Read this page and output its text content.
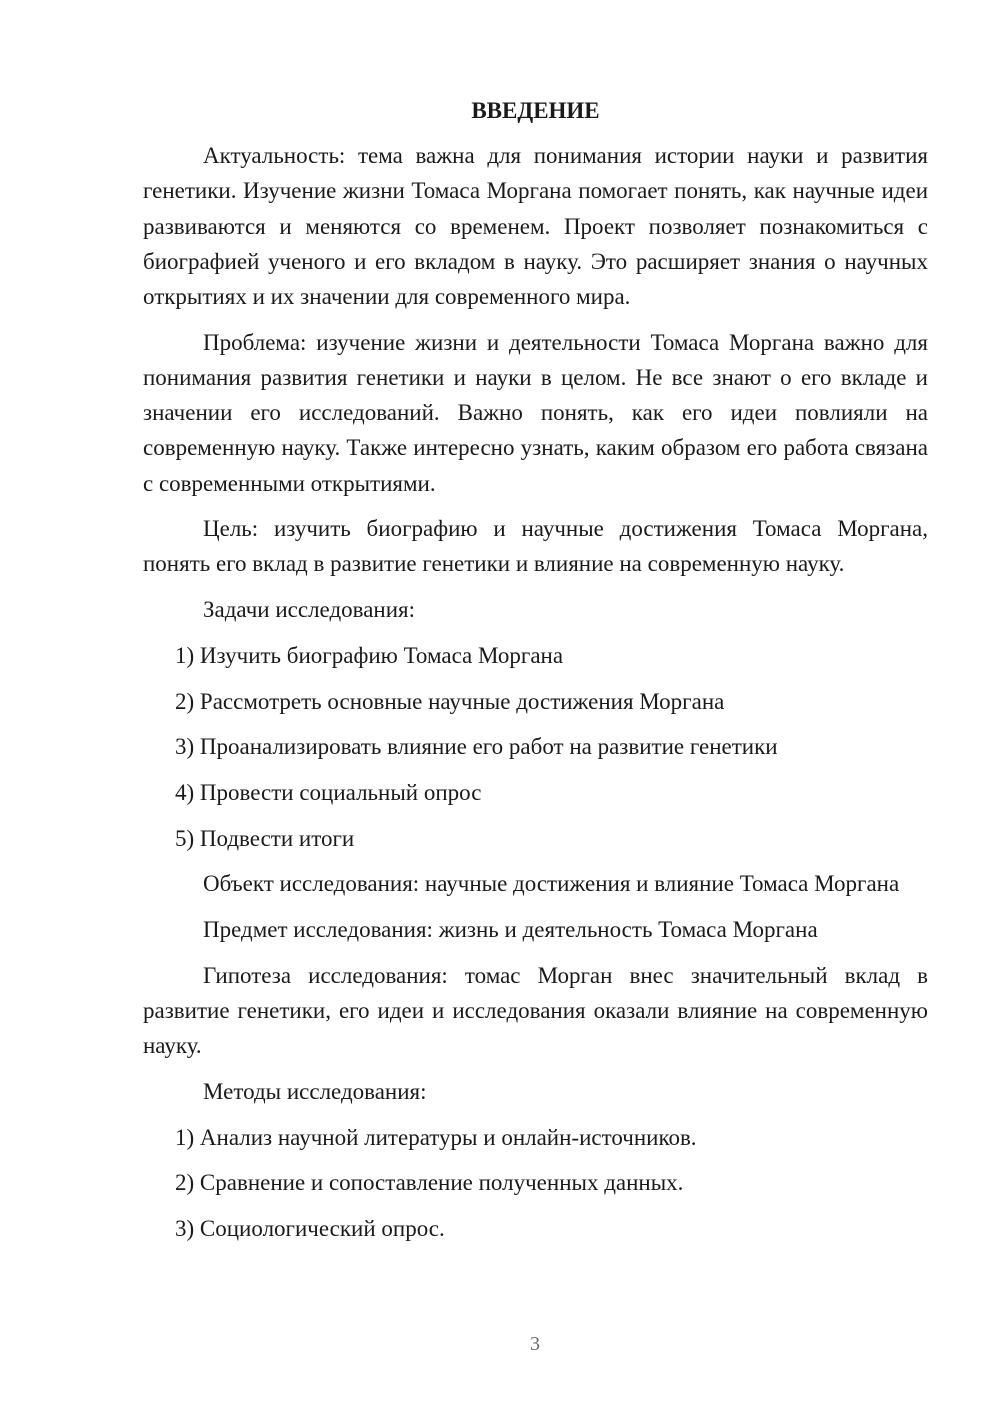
ВВЕДЕНИЕ

Актуальность: тема важна для понимания истории науки и развития генетики. Изучение жизни Томаса Моргана помогает понять, как научные идеи развиваются и меняются со временем. Проект позволяет познакомиться с биографией ученого и его вкладом в науку. Это расширяет знания о научных открытиях и их значении для современного мира.

Проблема: изучение жизни и деятельности Томаса Моргана важно для понимания развития генетики и науки в целом. Не все знают о его вкладе и значении его исследований. Важно понять, как его идеи повлияли на современную науку. Также интересно узнать, каким образом его работа связана с современными открытиями.

Цель: изучить биографию и научные достижения Томаса Моргана, понять его вклад в развитие генетики и влияние на современную науку.

Задачи исследования:

1) Изучить биографию Томаса Моргана
2) Рассмотреть основные научные достижения Моргана
3) Проанализировать влияние его работ на развитие генетики
4) Провести социальный опрос
5) Подвести итоги

Объект исследования: научные достижения и влияние Томаса Моргана

Предмет исследования: жизнь и деятельность Томаса Моргана

Гипотеза исследования: томас Морган внес значительный вклад в развитие генетики, его идеи и исследования оказали влияние на современную науку.

Методы исследования:

1) Анализ научной литературы и онлайн-источников.
2) Сравнение и сопоставление полученных данных.
3) Социологический опрос.
3
